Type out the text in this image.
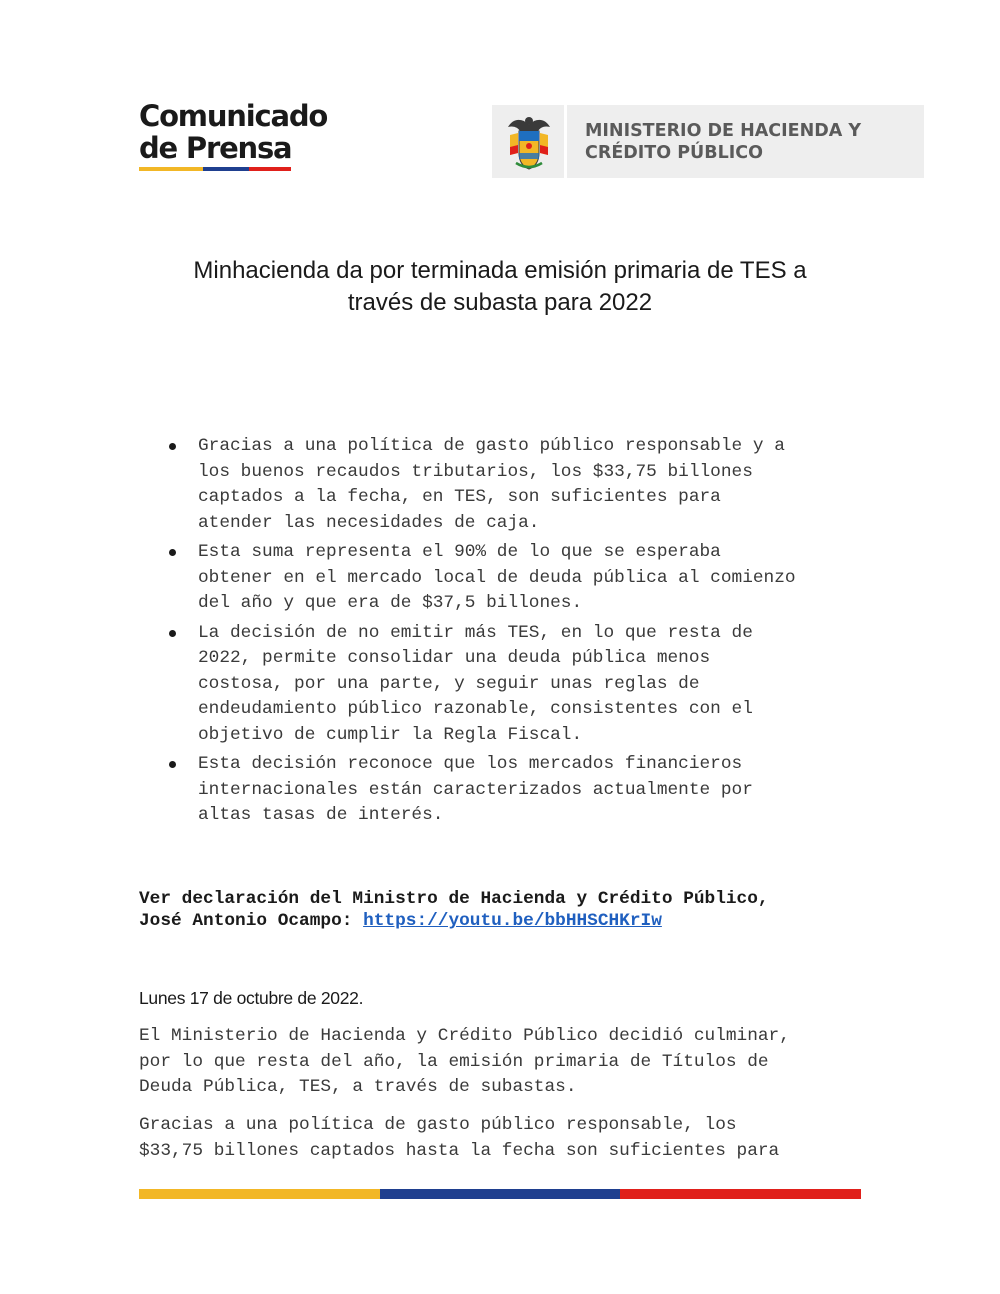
Comunicado
de Prensa	MINISTERIO DE HACIENDA Y
CRÉDITO PÚBLICO
Minhacienda da por terminada emisión primaria de TES a
través de subasta para 2022
Gracias a una política de gasto público responsable y a
los buenos recaudos tributarios, los $33,75 billones
captados a la fecha, en TES, son suficientes para
atender las necesidades de caja.
Esta suma representa el 90% de lo que se esperaba
obtener en el mercado local de deuda pública al comienzo
del año y que era de $37,5 billones.
La decisión de no emitir más TES, en lo que resta de
2022, permite consolidar una deuda pública menos
costosa, por una parte, y seguir unas reglas de
endeudamiento público razonable, consistentes con el
objetivo de cumplir la Regla Fiscal.
Esta decisión reconoce que los mercados financieros
internacionales están caracterizados actualmente por
altas tasas de interés.
Ver declaración del Ministro de Hacienda y Crédito Público,
José Antonio Ocampo: https://youtu.be/bbHHSCHKrIw
Lunes 17 de octubre de 2022.
El Ministerio de Hacienda y Crédito Público decidió culminar,
por lo que resta del año, la emisión primaria de Títulos de
Deuda Pública, TES, a través de subastas.
Gracias a una política de gasto público responsable, los
$33,75 billones captados hasta la fecha son suficientes para
